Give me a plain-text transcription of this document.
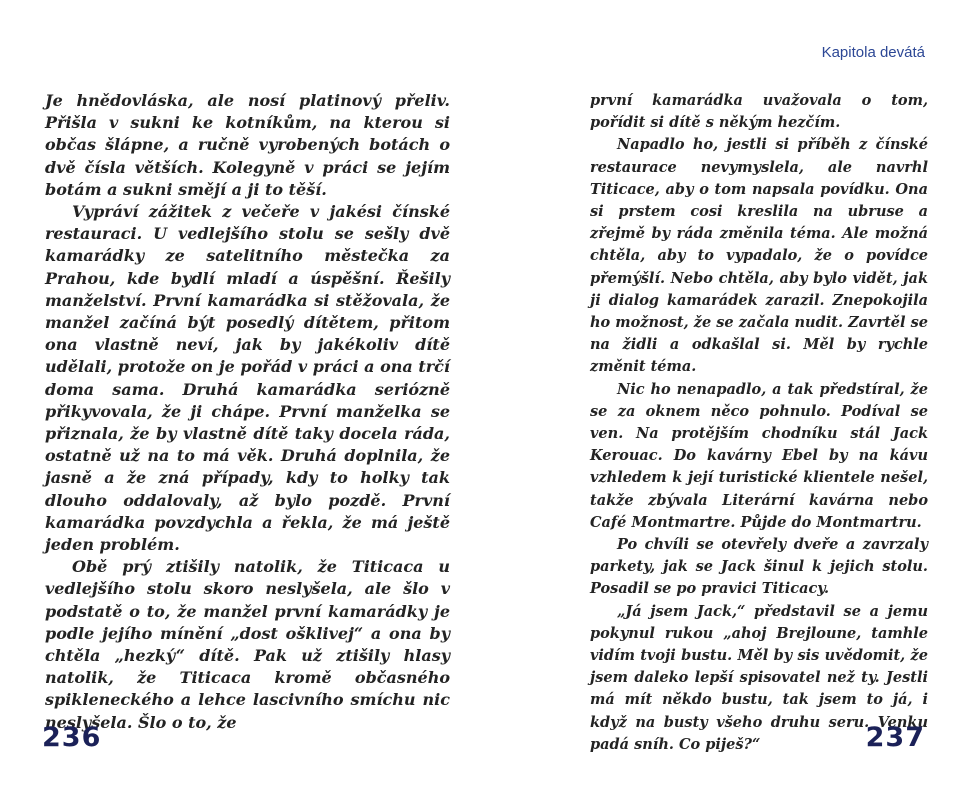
Kapitola devátá

Je hnědovláska, ale nosí platinový přeliv. Přišla v sukni ke kotníkům, na kterou si občas šlápne, a ručně vyrobených botách o dvě čísla větších. Kolegyně v práci se jejím botám a sukni smějí a ji to těší.

Vypráví zážitek z večeře v jakési čínské restauraci. U vedlejšího stolu se sešly dvě kamarádky ze satelitního městečka za Prahou, kde bydlí mladí a úspěšní. Řešily manželství. První kamarádka si stěžovala, že manžel začíná být posedlý dítětem, přitom ona vlastně neví, jak by jakékoliv dítě udělali, protože on je pořád v práci a ona trčí doma sama. Druhá kamarádka seriózně přikyvovala, že ji chápe. První manželka se přiznala, že by vlastně dítě taky docela ráda, ostatně už na to má věk. Druhá doplnila, že jasně a že zná případy, kdy to holky tak dlouho oddalovaly, až bylo pozdě. První kamarádka povzdychla a řekla, že má ještě jeden problém.

Obě prý ztišily natolik, že Titicaca u vedlejšího stolu skoro neslyšela, ale šlo v podstatě o to, že manžel první kamarádky je podle jejího mínění „dost ošklivej“ a ona by chtěla „hezký“ dítě. Pak už ztišily hlasy natolik, že Titicaca kromě občasného spikleneckého a lehce lascivního smíchu nic neslyšela. Šlo o to, že

první kamarádka uvažovala o tom, pořídit si dítě s někým hezčím.

Napadlo ho, jestli si příběh z čínské restaurace nevymyslela, ale navrhl Titicace, aby o tom napsala povídku. Ona si prstem cosi kreslila na ubruse a zřejmě by ráda změnila téma. Ale možná chtěla, aby to vypadalo, že o povídce přemýšlí. Nebo chtěla, aby bylo vidět, jak ji dialog kamarádek zarazil. Znepokojila ho možnost, že se začala nudit. Zavrtěl se na židli a odkašlal si. Měl by rychle změnit téma.

Nic ho nenapadlo, a tak předstíral, že se za oknem něco pohnulo. Podíval se ven. Na protějším chodníku stál Jack Kerouac. Do kavárny Ebel by na kávu vzhledem k její turistické klientele nešel, takže zbývala Literární kavárna nebo Café Montmartre. Půjde do Montmartru.

Po chvíli se otevřely dveře a zavrzaly parkety, jak se Jack šinul k jejich stolu. Posadil se po pravici Titicacy.

„Já jsem Jack,“ představil se a jemu pokynul rukou „ahoj Brejloune, tamhle vidím tvoji bustu. Měl by sis uvědomit, že jsem daleko lepší spisovatel než ty. Jestli má mít někdo bustu, tak jsem to já, i když na busty všeho druhu seru. Venku padá sníh. Co piješ?“

236	237
